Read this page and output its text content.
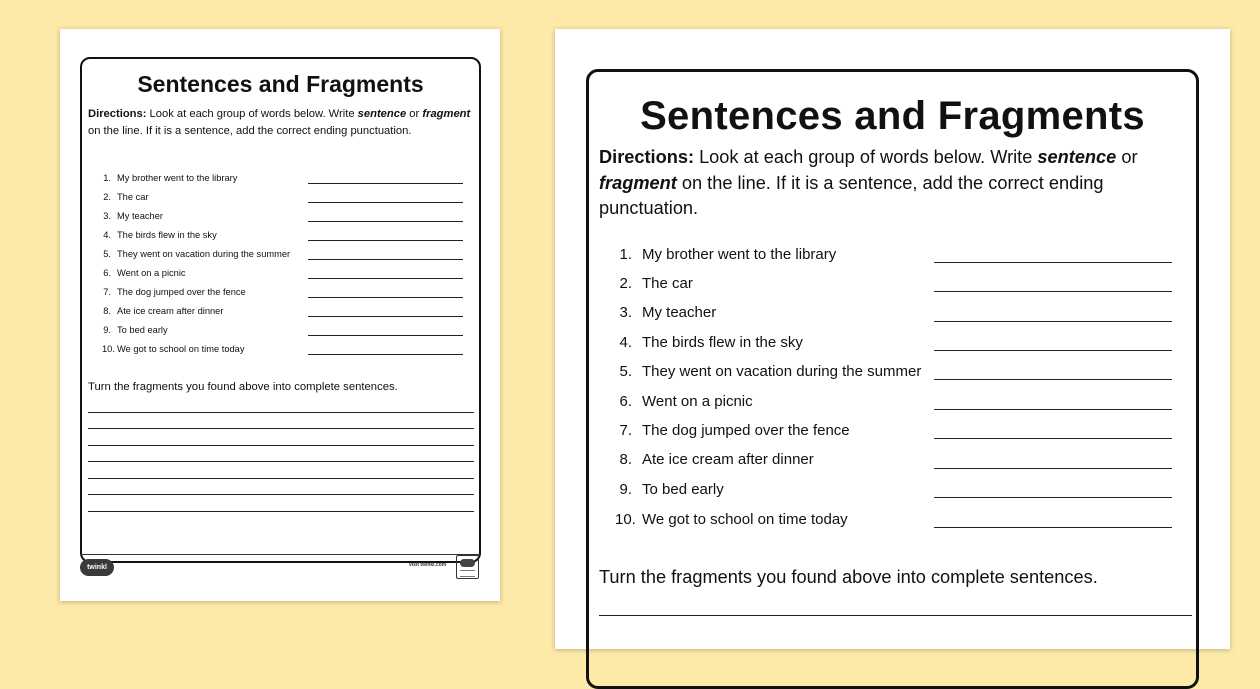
Sentences and Fragments

Directions: Look at each group of words below. Write sentence or fragment on the line. If it is a sentence, add the correct ending punctuation.

1. My brother went to the library
2. The car
3. My teacher
4. The birds flew in the sky
5. They went on vacation during the summer
6. Went on a picnic
7. The dog jumped over the fence
8. Ate ice cream after dinner
9. To bed early
10. We got to school on time today
Turn the fragments you found above into complete sentences.
twinkl	visit twinkl.com
Sentences and Fragments

Directions: Look at each group of words below. Write sentence or fragment on the line. If it is a sentence, add the correct ending punctuation.

1. My brother went to the library
2. The car
3. My teacher
4. The birds flew in the sky
5. They went on vacation during the summer
6. Went on a picnic
7. The dog jumped over the fence
8. Ate ice cream after dinner
9. To bed early
10. We got to school on time today
Turn the fragments you found above into complete sentences.
